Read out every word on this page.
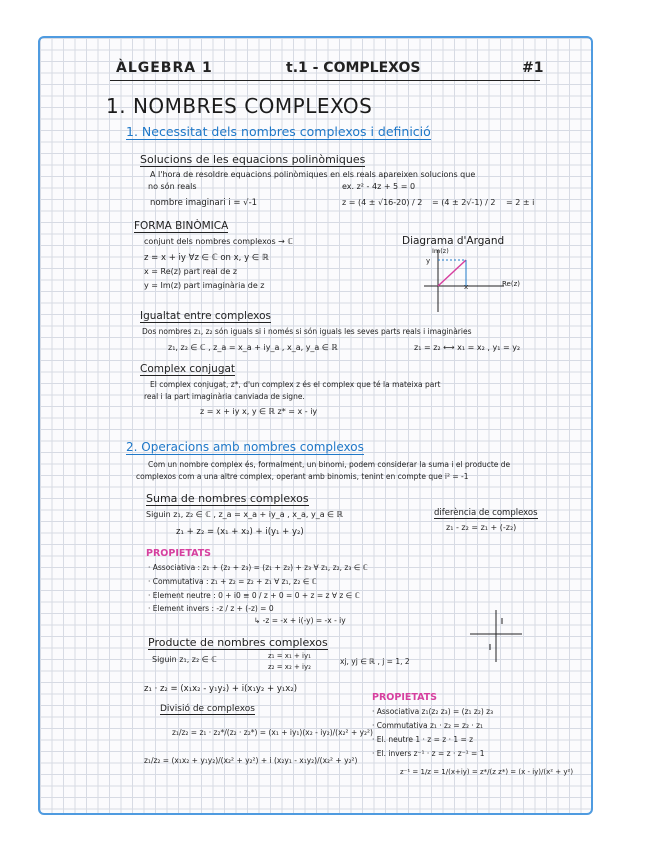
ÀLGEBRA 1	t.1 - COMPLEXOS	#1
1. NOMBRES COMPLEXOS
1. Necessitat dels nombres complexos i definició
Solucions de les equacions polinòmiques
A l'hora de resoldre equacions polinòmiques en els reals apareixen solucions que
no són reals	ex. z² - 4z + 5 = 0
nombre imaginari i = √-1	z = (4 ± √16-20) / 2 = (4 ± 2√-1) / 2 = 2 ± i
FORMA BINÒMICA
conjunt dels nombres complexos → ℂ
z = x + iy ∀z ∈ ℂ on x, y ∈ ℝ
x = Re(z) part real de z
y = Im(z) part imaginària de z
Diagrama d'Argand
Im(z)
y
x	Re(z)
Igualtat entre complexos
Dos nombres z₁, z₂ són iguals si i només si són iguals les seves parts reals i imaginàries
z₁, z₂ ∈ ℂ , z_a = x_a + iy_a , x_a, y_a ∈ ℝ	z₁ = z₂ ⟷ x₁ = x₂ , y₁ = y₂
Complex conjugat
El complex conjugat, z*, d'un complex z és el complex que té la mateixa part
real i la part imaginària canviada de signe.
z = x + iy x, y ∈ ℝ z* = x - iy
2. Operacions amb nombres complexos
Com un nombre complex és, formalment, un binomi, podem considerar la suma i el producte de
complexos com a una altre complex, operant amb binomis, tenint en compte que i² = -1
Suma de nombres complexos
Siguin z₁, z₂ ∈ ℂ , z_a = x_a + iy_a , x_a, y_a ∈ ℝ
z₁ + z₂ = (x₁ + x₂) + i(y₁ + y₂)
diferència de complexos
z₁ - z₂ = z₁ + (-z₂)
PROPIETATS
· Associativa : z₁ + (z₂ + z₃) = (z₁ + z₂) + z₃ ∀ z₁, z₂, z₃ ∈ ℂ
· Commutativa : z₁ + z₂ = z₂ + z₁ ∀ z₁, z₂ ∈ ℂ
· Element neutre : 0 + i0 ≡ 0 / z + 0 = 0 + z = z ∀ z ∈ ℂ
· Element invers : -z / z + (-z) = 0
↳ -z = -x + i(-y) = -x - iy
Producte de nombres complexos
Siguin z₁, z₂ ∈ ℂ	z₁ = x₁ + iy₁
z₂ = x₂ + iy₂
xj, yj ∈ ℝ , j = 1, 2
z₁ · z₂ = (x₁x₂ - y₁y₂) + i(x₁y₂ + y₁x₂)
Divisió de complexos
z₁/z₂ = z₁ · z₂*/(z₂ · z₂*) = (x₁ + iy₁)(x₂ - iy₂)/(x₂² + y₂²)
z₁/z₂ = (x₁x₂ + y₁y₂)/(x₂² + y₂²) + i (x₂y₁ - x₁y₂)/(x₂² + y₂²)
PROPIETATS
· Associativa z₁(z₂ z₃) = (z₁ z₂) z₃
· Commutativa z₁ · z₂ = z₂ · z₁
· El. neutre 1 · z = z · 1 = z
· El. invers z⁻¹ · z = z · z⁻¹ = 1
z⁻¹ = 1/z = 1/(x+iy) = z*/(z z*) = (x - iy)/(x² + y²)
